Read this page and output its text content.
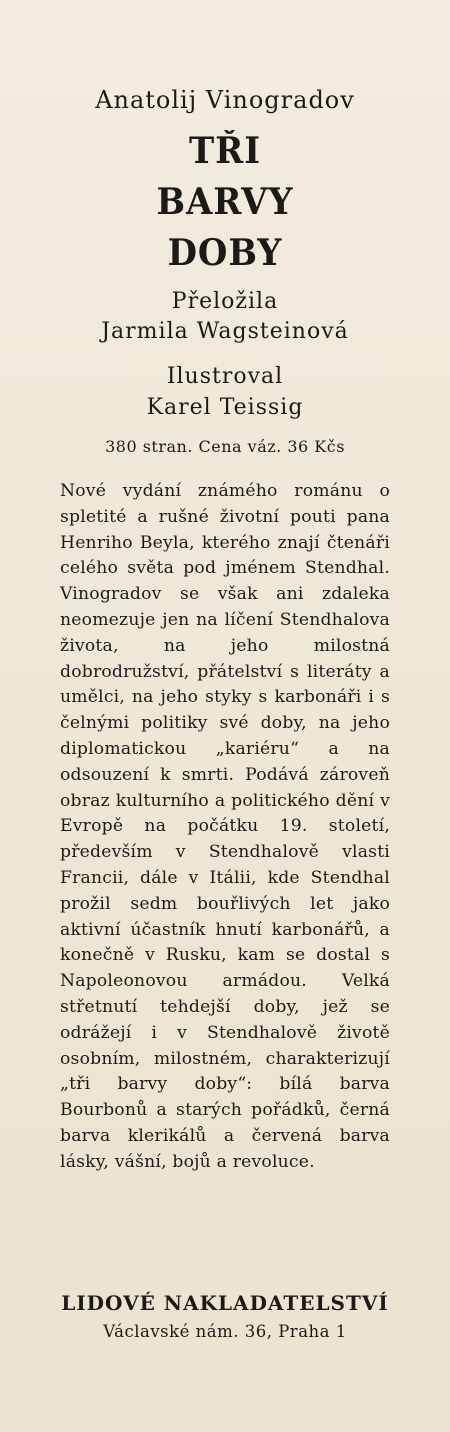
Anatolij Vinogradov
TŘI
BARVY
DOBY
Přeložila
Jarmila Wagsteinová
Ilustroval
Karel Teissig
380 stran. Cena váz. 36 Kčs
Nové vydání známého románu o spletité a rušné životní pouti pana Henriho Beyla, kterého znají čtenáři celého světa pod jménem Stendhal. Vinogradov se však ani zdaleka neomezuje jen na líčení Stendhalova života, na jeho milostná dobrodružství, přátelství s literáty a umělci, na jeho styky s karbonáři i s čelnými politiky své doby, na jeho diplomatickou „kariéru“ a na odsouzení k smrti. Podává zároveň obraz kulturního a politického dění v Evropě na počátku 19. století, především v Stendhalově vlasti Francii, dále v Itálii, kde Stendhal prožil sedm bouřlivých let jako aktivní účastník hnutí karbonářů, a konečně v Rusku, kam se dostal s Napoleonovou armádou. Velká střetnutí tehdejší doby, jež se odrážejí i v Stendhalově životě osobním, milostném, charakterizují „tři barvy doby“: bílá barva Bourbonů a starých pořádků, černá barva klerikálů a červená barva lásky, vášní, bojů a revoluce.
LIDOVÉ NAKLADATELSTVÍ
Václavské nám. 36, Praha 1
